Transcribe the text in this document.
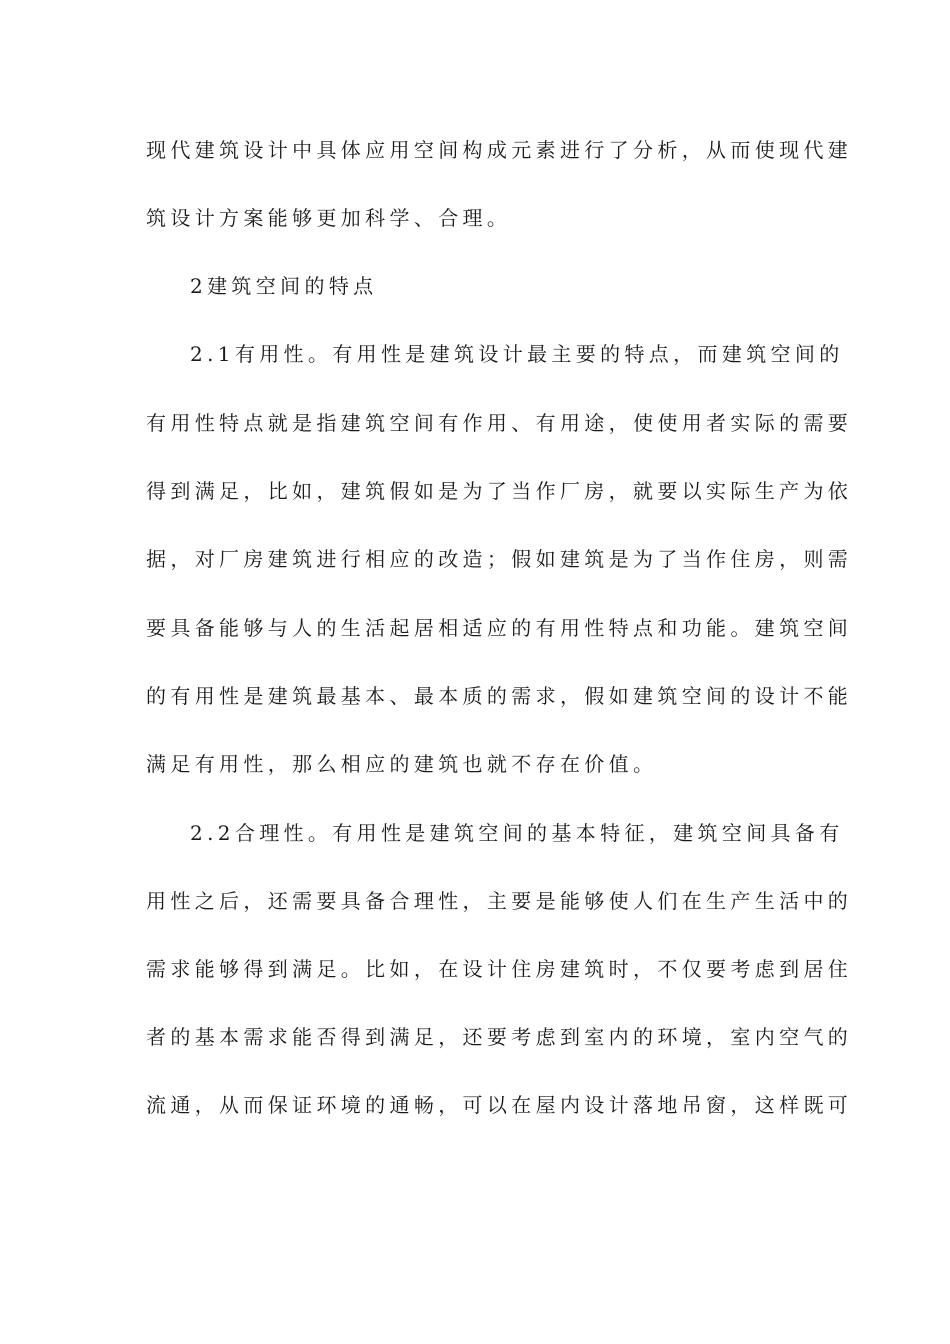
现代建筑设计中具体应用空间构成元素进行了分析，从而使现代建
筑设计方案能够更加科学、合理。
2建筑空间的特点
2.1有用性。有用性是建筑设计最主要的特点，而建筑空间的
有用性特点就是指建筑空间有作用、有用途，使使用者实际的需要
得到满足，比如，建筑假如是为了当作厂房，就要以实际生产为依
据，对厂房建筑进行相应的改造；假如建筑是为了当作住房，则需
要具备能够与人的生活起居相适应的有用性特点和功能。建筑空间
的有用性是建筑最基本、最本质的需求，假如建筑空间的设计不能
满足有用性，那么相应的建筑也就不存在价值。
2.2合理性。有用性是建筑空间的基本特征，建筑空间具备有
用性之后，还需要具备合理性，主要是能够使人们在生产生活中的
需求能够得到满足。比如，在设计住房建筑时，不仅要考虑到居住
者的基本需求能否得到满足，还要考虑到室内的环境，室内空气的
流通，从而保证环境的通畅，可以在屋内设计落地吊窗，这样既可
